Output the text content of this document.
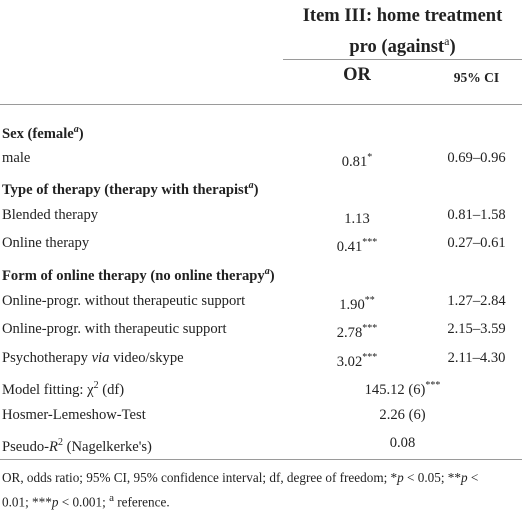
Item III: home treatment
pro (against$^a$)
OR	95% CI
Sex (female$^a$)
male	0.81*	0.69–0.96
Type of therapy (therapy with therapist$^a$)
Blended therapy	1.13	0.81–1.58
Online therapy	0.41***	0.27–0.61
Form of online therapy (no online therapy$^a$)
Online-progr. without therapeutic support	1.90**	1.27–2.84
Online-progr. with therapeutic support	2.78***	2.15–3.59
Psychotherapy via video/skype	3.02***	2.11–4.30
Model fitting: $\chi^2$ (df)	145.12 (6)***
Hosmer-Lemeshow-Test	2.26 (6)
Pseudo-$R^2$ (Nagelkerke's)	0.08
OR, odds ratio; 95% CI, 95% confidence interval; df, degree of freedom; *p < 0.05; **p <
0.01; ***p < 0.001; $^a$ reference.
